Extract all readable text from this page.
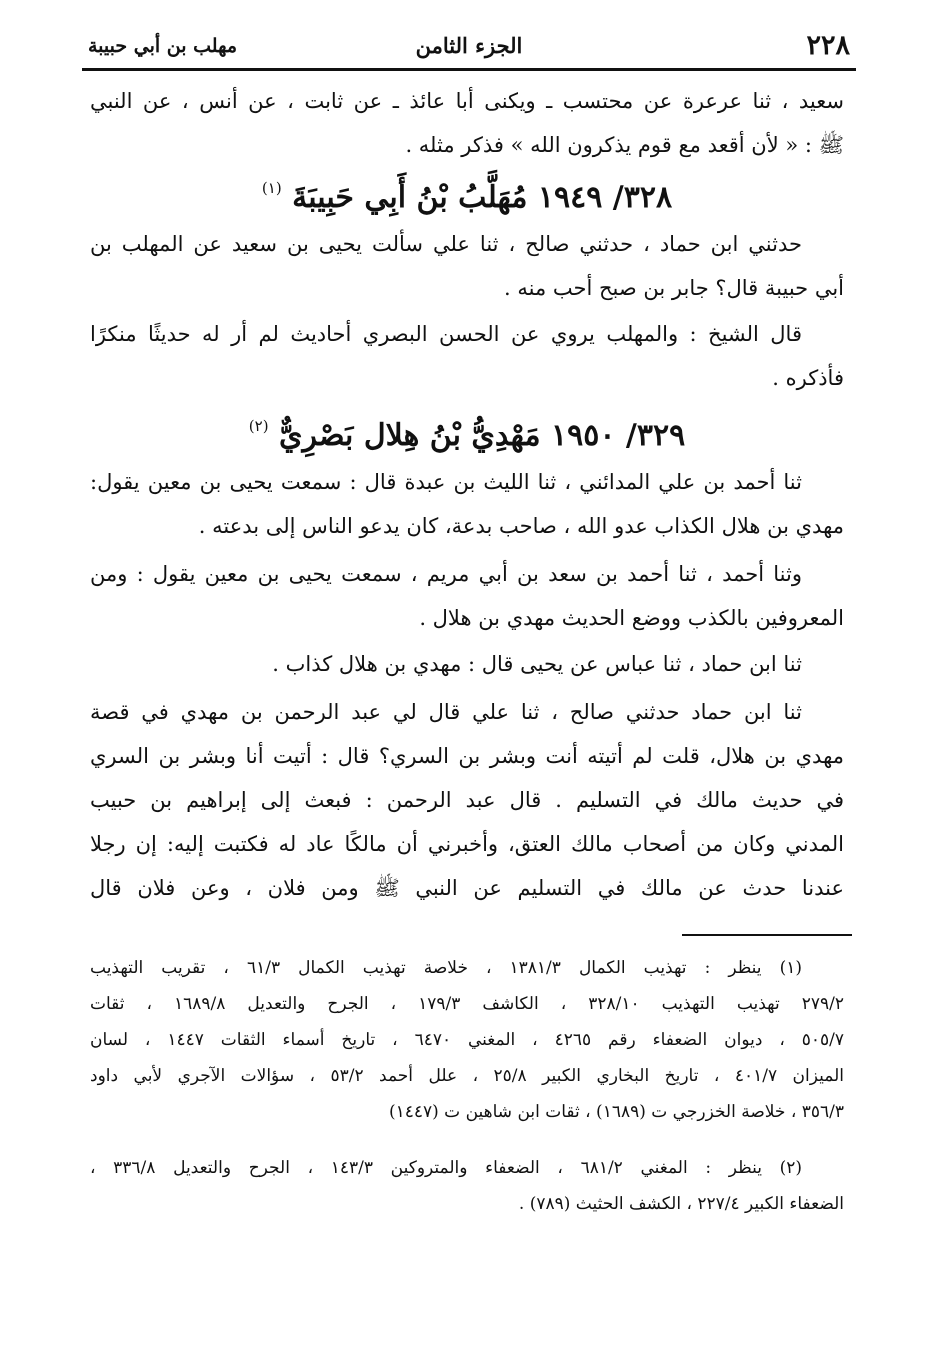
٢٢٨
الجزء الثامن
مهلب بن أبي حبيبة
سعيد ، ثنا عرعرة عن محتسب ـ ويكنى أبا عائذ ـ عن ثابت ، عن أنس ، عن النبي
ﷺ : « لأن أقعد مع قوم يذكرون الله » فذكر مثله .
٣٢٨/ ١٩٤٩ مُهَلَّبُ بْنُ أَبِي حَبِيبَةَ $^{(١)}$
حدثني ابن حماد ، حدثني صالح ، ثنا علي سألت يحيى بن سعيد عن المهلب بن
أبي حبيبة قال؟ جابر بن صبح أحب منه .
قال الشيخ : والمهلب يروي عن الحسن البصري أحاديث لم أر له حديثًا منكرًا
فأذكره .
٣٢٩/ ١٩٥٠ مَهْدِيُّ بْنُ هِلال بَصْرِيٌّ $^{(٢)}$
ثنا أحمد بن علي المدائني ، ثنا الليث بن عبدة قال : سمعت يحيى بن معين يقول:
مهدي بن هلال الكذاب عدو الله ، صاحب بدعة، كان يدعو الناس إلى بدعته .
وثنا أحمد ، ثنا أحمد بن سعد بن أبي مريم ، سمعت يحيى بن معين يقول : ومن
المعروفين بالكذب ووضع الحديث مهدي بن هلال .
ثنا ابن حماد ، ثنا عباس عن يحيى قال : مهدي بن هلال كذاب .
ثنا ابن حماد حدثني صالح ، ثنا علي قال لي عبد الرحمن بن مهدي في قصة
مهدي بن هلال، قلت لم أتيته أنت وبشر بن السري؟ قال : أتيت أنا وبشر بن السري
في حديث مالك في التسليم . قال عبد الرحمن : فبعث إلى إبراهيم بن حبيب
المدني وكان من أصحاب مالك العتق، وأخبرني أن مالكًا عاد له فكتبت إليه: إن رجلا
عندنا حدث عن مالك في التسليم عن النبي ﷺ ومن فلان ، وعن فلان قال
(١) ينظر : تهذيب الكمال ١٣٨١/٣ ، خلاصة تهذيب الكمال ٦١/٣ ، تقريب التهذيب
٢٧٩/٢ تهذيب التهذيب ٣٢٨/١٠ ، الكاشف ١٧٩/٣ ، الجرح والتعديل ١٦٨٩/٨ ، ثقات
٥٠٥/٧ ، ديوان الضعفاء رقم ٤٢٦٥ ، المغني ٦٤٧٠ ، تاريخ أسماء الثقات ١٤٤٧ ، لسان
الميزان ٤٠١/٧ ، تاريخ البخاري الكبير ٢٥/٨ ، علل أحمد ٥٣/٢ ، سؤالات الآجري لأبي داود
٣٥٦/٣ ، خلاصة الخزرجي ت (١٦٨٩) ، ثقات ابن شاهين ت (١٤٤٧)
(٢) ينظر : المغني ٦٨١/٢ ، الضعفاء والمتروكين ١٤٣/٣ ، الجرح والتعديل ٣٣٦/٨ ،
الضعفاء الكبير ٢٢٧/٤ ، الكشف الحثيث (٧٨٩) .
